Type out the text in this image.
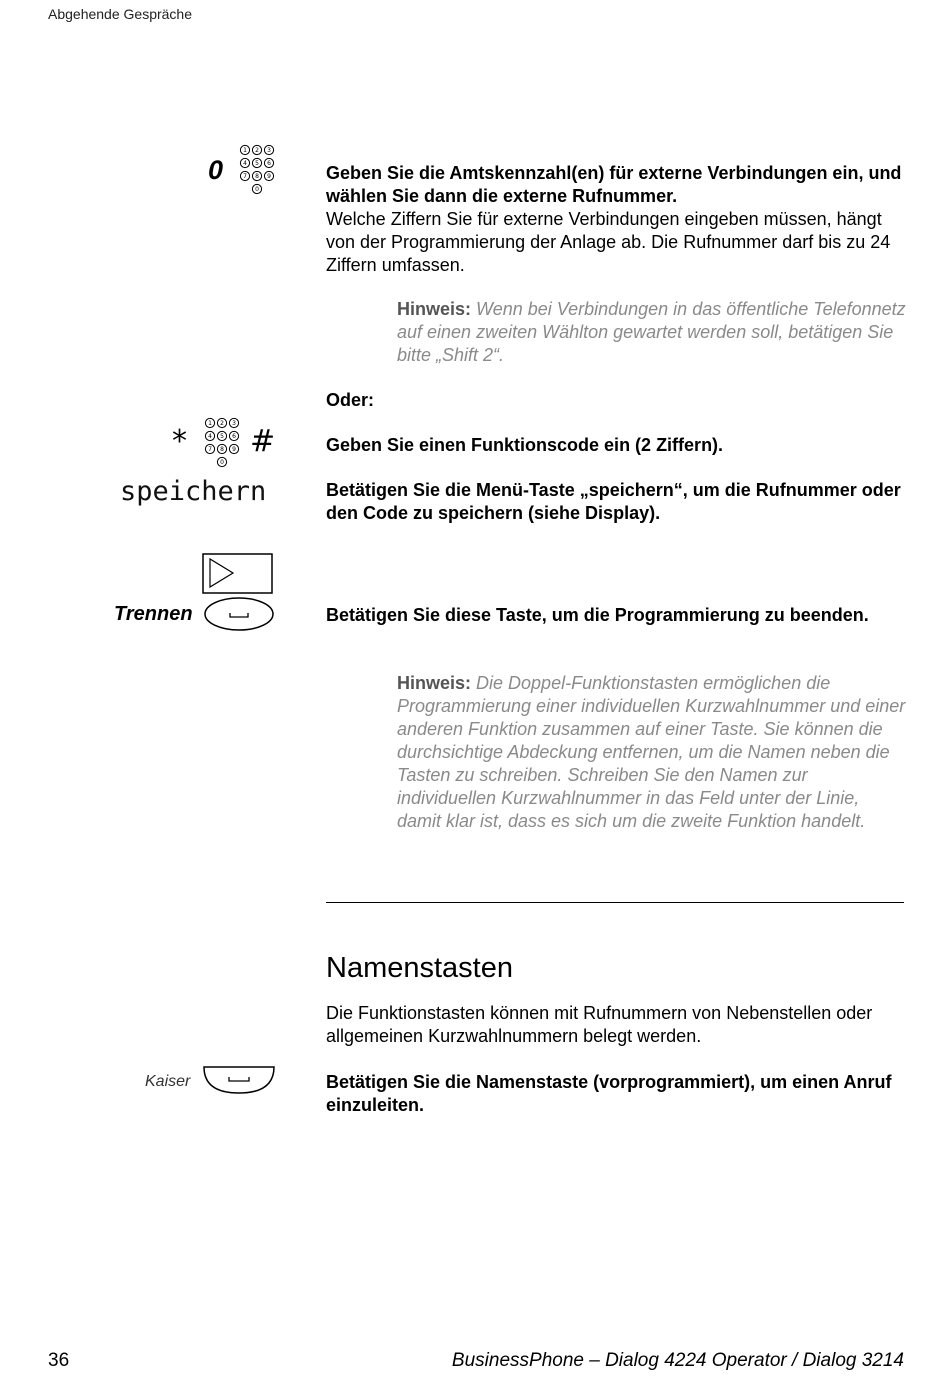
Abgehende Gespräche
0
1 2 3
4 5 6
7 8 9
0
Geben Sie die Amtskennzahl(en) für externe Verbindungen ein, und wählen Sie dann die externe Rufnummer.
Welche Ziffern Sie für externe Verbindungen eingeben müssen, hängt von der Programmierung der Anlage ab. Die Rufnummer darf bis zu 24 Ziffern umfassen.
Hinweis: Wenn bei Verbindungen in das öffentliche Telefonnetz auf einen zweiten Wählton gewartet werden soll, betätigen Sie bitte „Shift 2“.
Oder:
*
1 2 3
4 5 6
7 8 9
0
#	Geben Sie einen Funktionscode ein (2 Ziffern).
speichern	Betätigen Sie die Menü-Taste „speichern“, um die Rufnummer oder den Code zu speichern (siehe Display).
Trennen	Betätigen Sie diese Taste, um die Programmierung zu beenden.
Hinweis: Die Doppel-Funktionstasten ermöglichen die Programmierung einer individuellen Kurzwahlnummer und einer anderen Funktion zusammen auf einer Taste. Sie können die durchsichtige Abdeckung entfernen, um die Namen neben die Tasten zu schreiben. Schreiben Sie den Namen zur individuellen Kurzwahlnummer in das Feld unter der Linie, damit klar ist, dass es sich um die zweite Funktion handelt.
Namenstasten
Die Funktionstasten können mit Rufnummern von Nebenstellen oder allgemeinen Kurzwahlnummern belegt werden.
Kaiser	Betätigen Sie die Namenstaste (vorprogrammiert), um einen Anruf einzuleiten.
36	BusinessPhone – Dialog 4224 Operator / Dialog 3214
